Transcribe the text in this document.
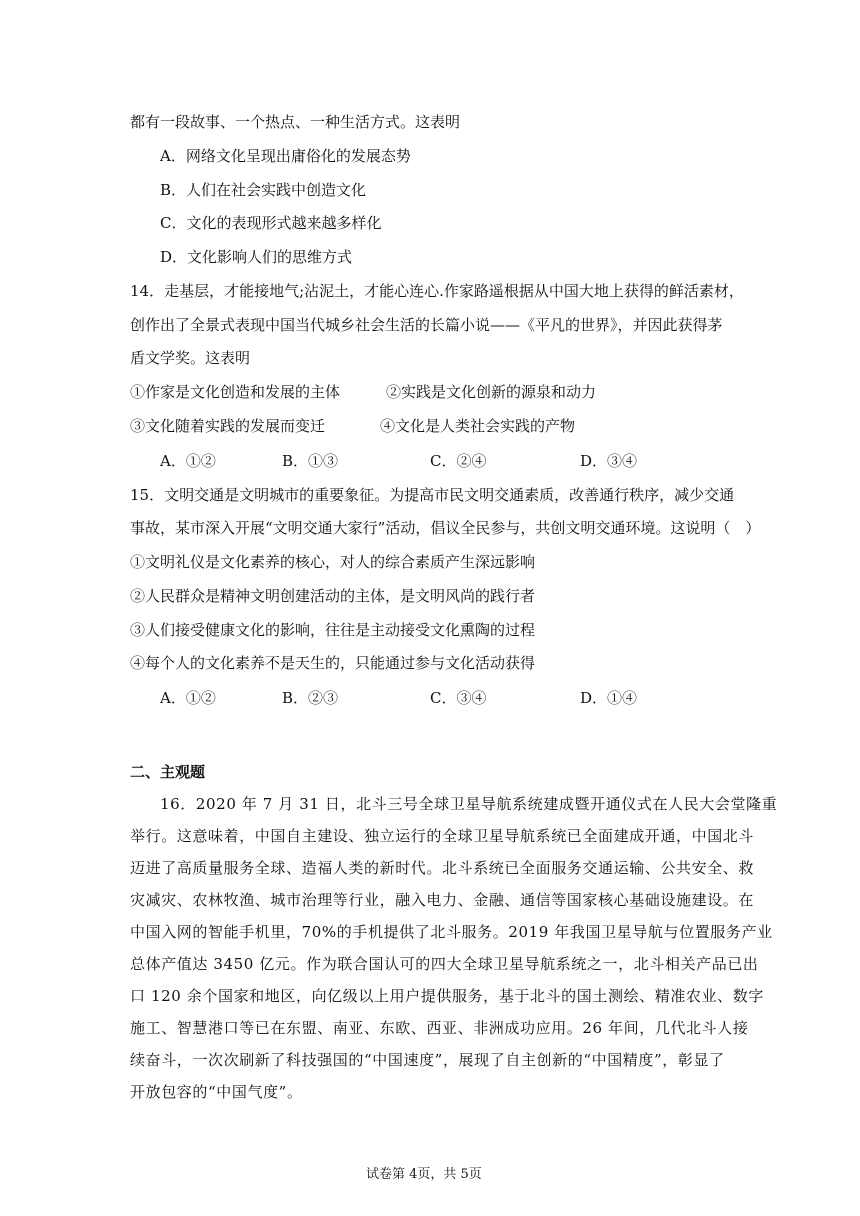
都有一段故事、一个热点、一种生活方式。这表明
A．网络文化呈现出庸俗化的发展态势
B．人们在社会实践中创造文化
C．文化的表现形式越来越多样化
D．文化影响人们的思维方式
14．走基层，才能接地气;沾泥土，才能心连心.作家路遥根据从中国大地上获得的鲜活素材，
创作出了全景式表现中国当代城乡社会生活的长篇小说——《平凡的世界》，并因此获得茅
盾文学奖。这表明
①作家是文化创造和发展的主体	②实践是文化创新的源泉和动力
③文化随着实践的发展而变迁	④文化是人类社会实践的产物
A．①②	B．①③	C．②④	D．③④
15．文明交通是文明城市的重要象征。为提高市民文明交通素质，改善通行秩序，减少交通
事故，某市深入开展“文明交通大家行”活动，倡议全民参与，共创文明交通环境。这说明（　）
①文明礼仪是文化素养的核心，对人的综合素质产生深远影响
②人民群众是精神文明创建活动的主体，是文明风尚的践行者
③人们接受健康文化的影响，往往是主动接受文化熏陶的过程
④每个人的文化素养不是天生的，只能通过参与文化活动获得
A．①②	B．②③	C．③④	D．①④
二、主观题
16．2020 年 7 月 31 日，北斗三号全球卫星导航系统建成暨开通仪式在人民大会堂隆重
举行。这意味着，中国自主建设、独立运行的全球卫星导航系统已全面建成开通，中国北斗
迈进了高质量服务全球、造福人类的新时代。北斗系统已全面服务交通运输、公共安全、救
灾减灾、农林牧渔、城市治理等行业，融入电力、金融、通信等国家核心基础设施建设。在
中国入网的智能手机里，70%的手机提供了北斗服务。2019 年我国卫星导航与位置服务产业
总体产值达 3450 亿元。作为联合国认可的四大全球卫星导航系统之一，北斗相关产品已出
口 120 余个国家和地区，向亿级以上用户提供服务，基于北斗的国土测绘、精准农业、数字
施工、智慧港口等已在东盟、南亚、东欧、西亚、非洲成功应用。26 年间，几代北斗人接
续奋斗，一次次刷新了科技强国的“中国速度”，展现了自主创新的“中国精度”，彰显了
开放包容的“中国气度”。
试卷第 4页，共 5页
